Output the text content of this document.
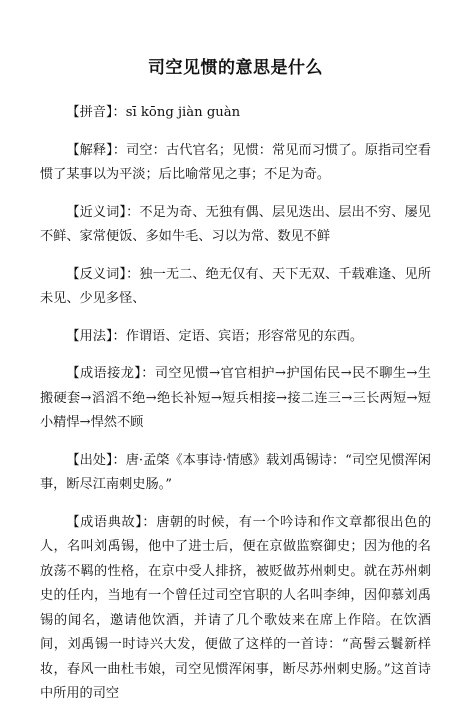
司空见惯的意思是什么

【拼音】：sī kōng jiàn guàn

【解释】：司空：古代官名；见惯：常见而习惯了。原指司空看惯了某事以为平淡；后比喻常见之事；不足为奇。

【近义词】：不足为奇、无独有偶、层见迭出、层出不穷、屡见不鲜、家常便饭、多如牛毛、习以为常、数见不鲜

【反义词】：独一无二、绝无仅有、天下无双、千载难逢、见所未见、少见多怪、

【用法】：作谓语、定语、宾语；形容常见的东西。

【成语接龙】：司空见惯→官官相护→护国佑民→民不聊生→生搬硬套→滔滔不绝→绝长补短→短兵相接→接二连三→三长两短→短小精悍→悍然不顾

【出处】：唐·孟棨《本事诗·情感》载刘禹锡诗：“司空见惯浑闲事，断尽江南刺史肠。”

【成语典故】：唐朝的时候，有一个吟诗和作文章都很出色的人，名叫刘禹锡，他中了进士后，便在京做监察御史；因为他的名放荡不羁的性格，在京中受人排挤，被贬做苏州刺史。就在苏州刺史的任内，当地有一个曾任过司空官职的人名叫李绅，因仰慕刘禹锡的闻名，邀请他饮酒，并请了几个歌妓来在席上作陪。在饮酒间，刘禹锡一时诗兴大发，便做了这样的一首诗：“高髻云鬟新样妆，春风一曲杜韦娘，司空见惯浑闲事，断尽苏州刺史肠。”这首诗中所用的司空
